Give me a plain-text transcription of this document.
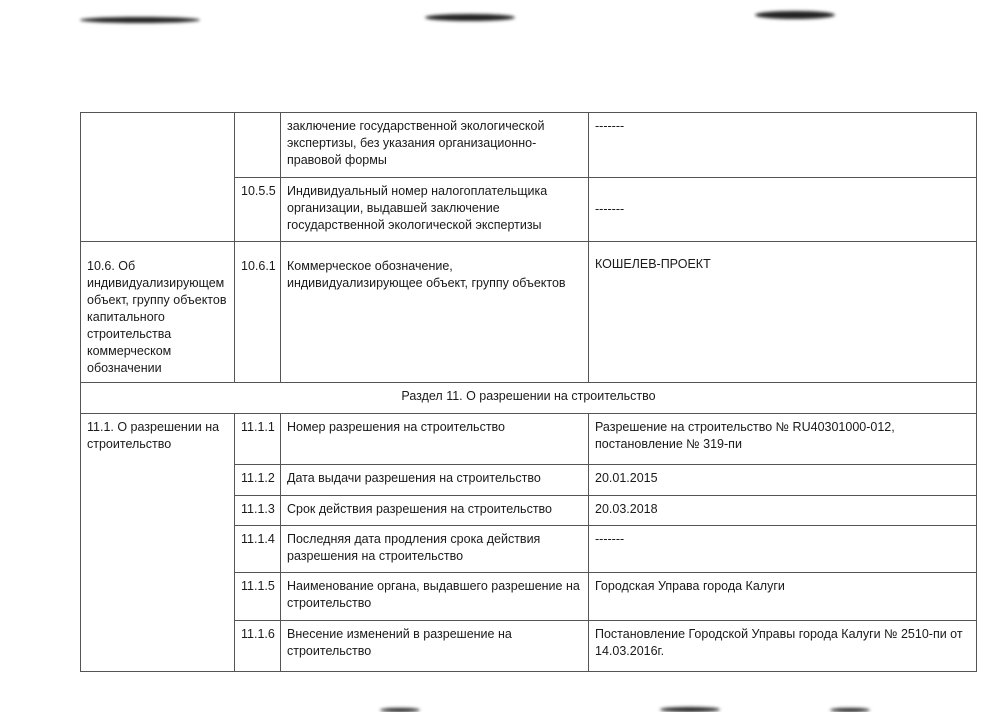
		заключение государственной экологической экспертизы, без указания организационно-правовой формы	-------
	10.5.5	Индивидуальный номер налогоплательщика организации, выдавшей заключение государственной экологической экспертизы	-------
10.6. Об индивидуализирующем объект, группу объектов капитального строительства коммерческом обозначении	10.6.1	Коммерческое обозначение, индивидуализирующее объект, группу объектов	КОШЕЛЕВ-ПРОЕКТ
Раздел 11. О разрешении на строительство			
11.1. О разрешении на строительство	11.1.1	Номер разрешения на строительство	Разрешение на строительство № RU40301000-012, постановление № 319-пи
	11.1.2	Дата выдачи разрешения на строительство	20.01.2015
	11.1.3	Срок действия разрешения на строительство	20.03.2018
	11.1.4	Последняя дата продления срока действия разрешения на строительство	-------
	11.1.5	Наименование органа, выдавшего разрешение на строительство	Городская Управа города Калуги
	11.1.6	Внесение изменений в разрешение на строительство	Постановление Городской Управы города Калуги № 2510-пи от 14.03.2016г.
